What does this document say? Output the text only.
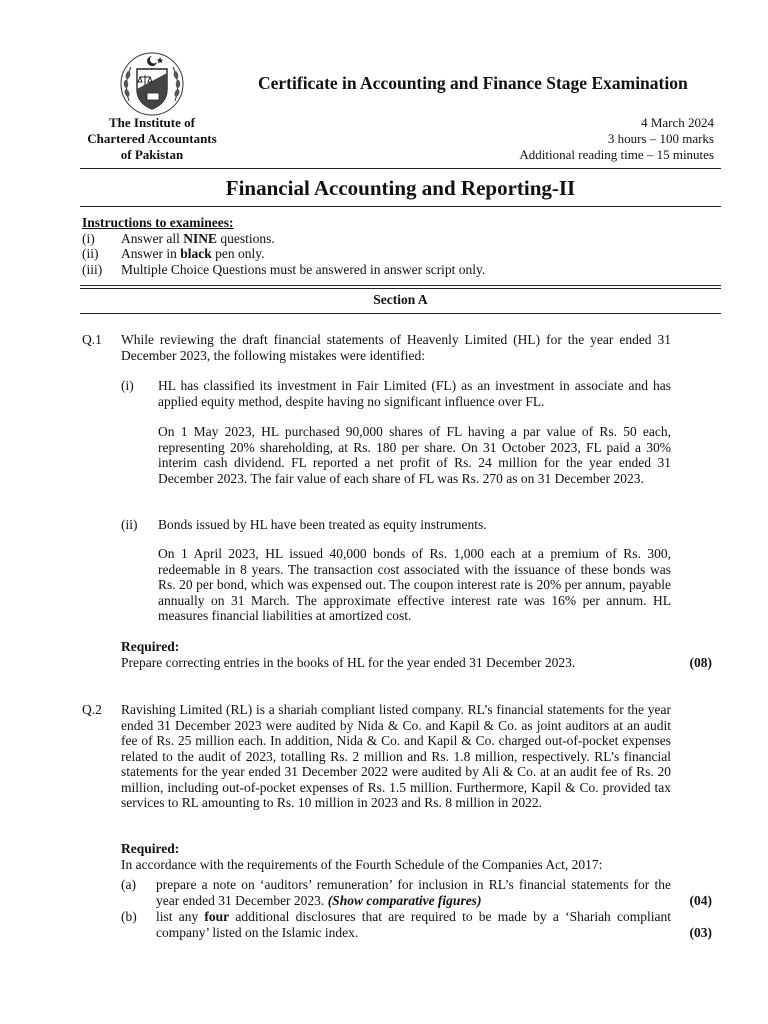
Certificate in Accounting and Finance Stage Examination
The Institute of
Chartered Accountants
of Pakistan
4 March 2024
3 hours – 100 marks
Additional reading time – 15 minutes
Financial Accounting and Reporting-II
Instructions to examinees:
(i)	Answer all NINE questions.
(ii)	Answer in black pen only.
(iii)	Multiple Choice Questions must be answered in answer script only.
Section A
Q.1 While reviewing the draft financial statements of Heavenly Limited (HL) for the year ended 31 December 2023, the following mistakes were identified:
(i) HL has classified its investment in Fair Limited (FL) as an investment in associate and has applied equity method, despite having no significant influence over FL.
On 1 May 2023, HL purchased 90,000 shares of FL having a par value of Rs. 50 each, representing 20% shareholding, at Rs. 180 per share. On 31 October 2023, FL paid a 30% interim cash dividend. FL reported a net profit of Rs. 24 million for the year ended 31 December 2023. The fair value of each share of FL was Rs. 270 as on 31 December 2023.
(ii) Bonds issued by HL have been treated as equity instruments.
On 1 April 2023, HL issued 40,000 bonds of Rs. 1,000 each at a premium of Rs. 300, redeemable in 8 years. The transaction cost associated with the issuance of these bonds was Rs. 20 per bond, which was expensed out. The coupon interest rate is 20% per annum, payable annually on 31 March. The approximate effective interest rate was 16% per annum. HL measures financial liabilities at amortized cost.
Required:
Prepare correcting entries in the books of HL for the year ended 31 December 2023.	(08)
Q.2 Ravishing Limited (RL) is a shariah compliant listed company. RL’s financial statements for the year ended 31 December 2023 were audited by Nida & Co. and Kapil & Co. as joint auditors at an audit fee of Rs. 25 million each. In addition, Nida & Co. and Kapil & Co. charged out-of-pocket expenses related to the audit of 2023, totalling Rs. 2 million and Rs. 1.8 million, respectively. RL’s financial statements for the year ended 31 December 2022 were audited by Ali & Co. at an audit fee of Rs. 20 million, including out-of-pocket expenses of Rs. 1.5 million. Furthermore, Kapil & Co. provided tax services to RL amounting to Rs. 10 million in 2023 and Rs. 8 million in 2022.
Required:
In accordance with the requirements of the Fourth Schedule of the Companies Act, 2017:
(a) prepare a note on ‘auditors’ remuneration’ for inclusion in RL’s financial statements for the year ended 31 December 2023. (Show comparative figures)	(04)
(b) list any four additional disclosures that are required to be made by a ‘Shariah compliant company’ listed on the Islamic index.	(03)
